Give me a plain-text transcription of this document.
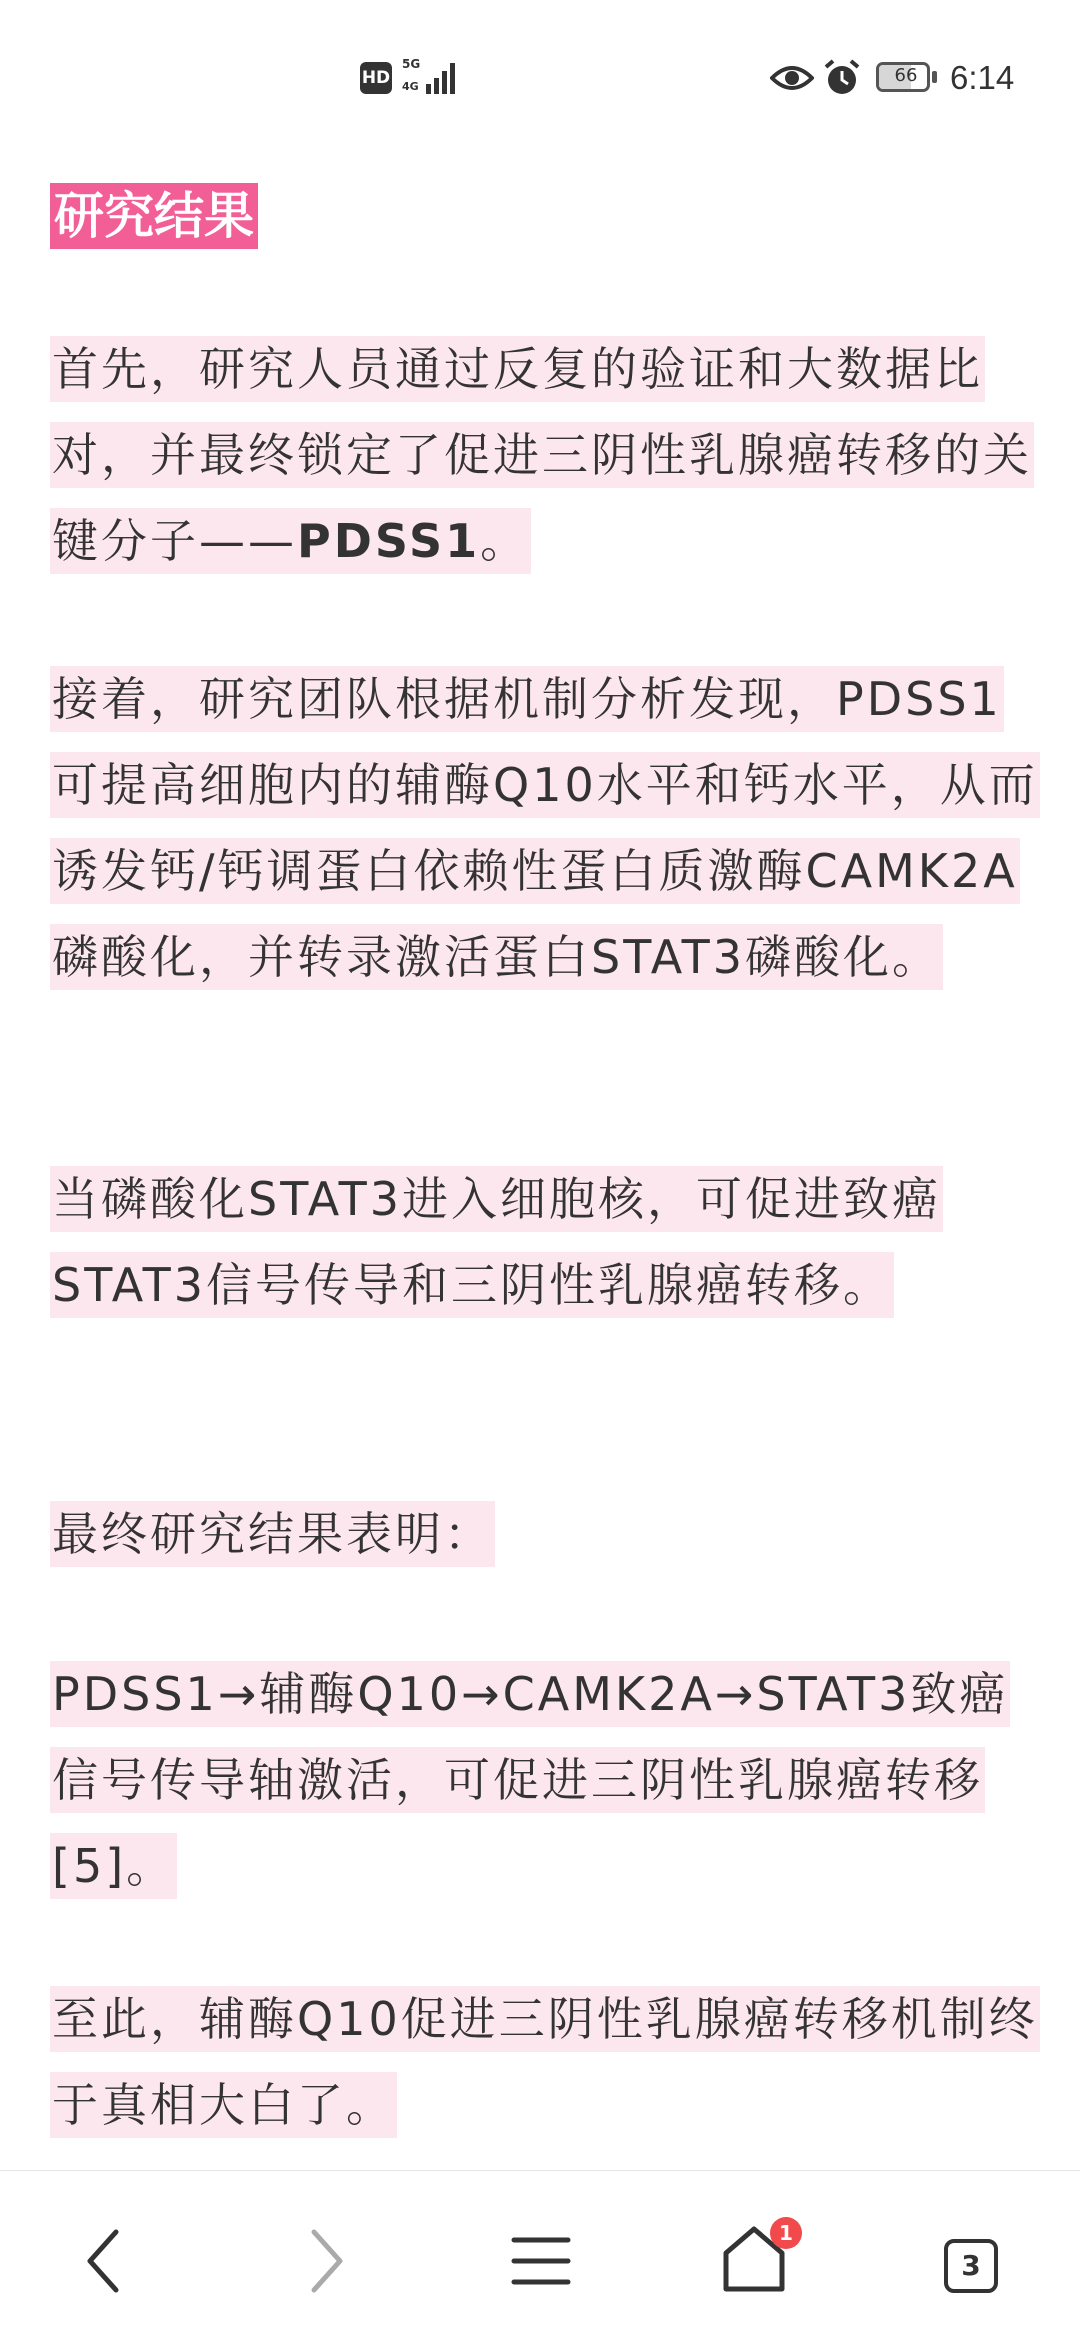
HD
5G
4G
66 6:14
研究结果

首先，研究人员通过反复的验证和大数据比对，并最终锁定了促进三阴性乳腺癌转移的关键分子——PDSS1。

接着，研究团队根据机制分析发现，PDSS1可提高细胞内的辅酶Q10水平和钙水平，从而诱发钙/钙调蛋白依赖性蛋白质激酶CAMK2A磷酸化，并转录激活蛋白STAT3磷酸化。

当磷酸化STAT3进入细胞核，可促进致癌STAT3信号传导和三阴性乳腺癌转移。

最终研究结果表明：

PDSS1→辅酶Q10→CAMK2A→STAT3致癌信号传导轴激活，可促进三阴性乳腺癌转移[5]。

至此，辅酶Q10促进三阴性乳腺癌转移机制终于真相大白了。

1
3
